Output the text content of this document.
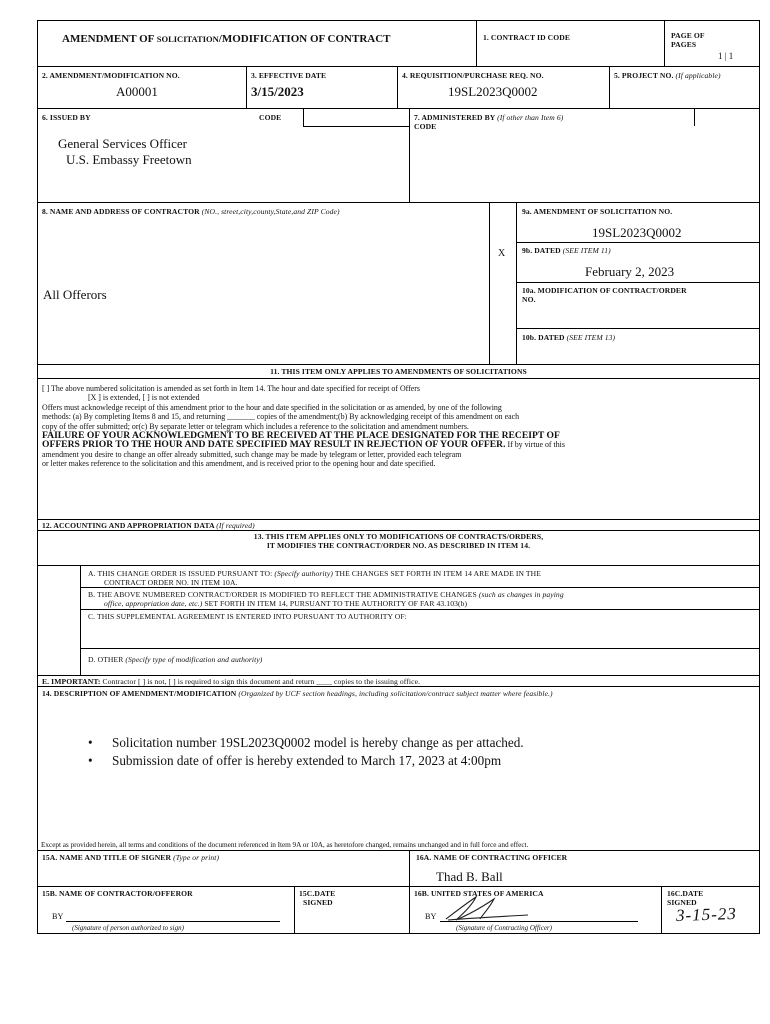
AMENDMENT OF SOLICITATION/MODIFICATION OF CONTRACT	1. CONTRACT ID CODE	PAGE OF
PAGES
1 | 1
2. AMENDMENT/MODIFICATION NO.
A00001
3. EFFECTIVE DATE
3/15/2023
4. REQUISITION/PURCHASE REQ. NO.
19SL2023Q0002
5. PROJECT NO. (If applicable)
6. ISSUED BY	CODE
General Services Officer
U.S. Embassy Freetown
7. ADMINISTERED BY (If other than Item 6)
CODE
8. NAME AND ADDRESS OF CONTRACTOR (NO., street,city,county,State,and ZIP Code)
All Offerors
X
9a. AMENDMENT OF SOLICITATION NO.
19SL2023Q0002
9b. DATED (SEE ITEM 11)
February 2, 2023
10a. MODIFICATION OF CONTRACT/ORDER
NO.
10b. DATED (SEE ITEM 13)
11. THIS ITEM ONLY APPLIES TO AMENDMENTS OF SOLICITATIONS
[ ] The above numbered solicitation is amended as set forth in Item 14. The hour and date specified for receipt of Offers
[X ] is extended, [ ] is not extended
Offers must acknowledge receipt of this amendment prior to the hour and date specified in the solicitation or as amended, by one of the following
methods: (a) By completing Items 8 and 15, and returning _______ copies of the amendment;(b) By acknowledging receipt of this amendment on each
copy of the offer submitted; or(c) By separate letter or telegram which includes a reference to the solicitation and amendment numbers.
FAILURE OF YOUR ACKNOWLEDGMENT TO BE RECEIVED AT THE PLACE DESIGNATED FOR THE RECEIPT OF
OFFERS PRIOR TO THE HOUR AND DATE SPECIFIED MAY RESULT IN REJECTION OF YOUR OFFER. If by virtue of this
amendment you desire to change an offer already submitted, such change may be made by telegram or letter, provided each telegram
or letter makes reference to the solicitation and this amendment, and is received prior to the opening hour and date specified.
12. ACCOUNTING AND APPROPRIATION DATA (If required)
13. THIS ITEM APPLIES ONLY TO MODIFICATIONS OF CONTRACTS/ORDERS,
IT MODIFIES THE CONTRACT/ORDER NO. AS DESCRIBED IN ITEM 14.
A. THIS CHANGE ORDER IS ISSUED PURSUANT TO: (Specify authority) THE CHANGES SET FORTH IN ITEM 14 ARE MADE IN THE
CONTRACT ORDER NO. IN ITEM 10A.
B. THE ABOVE NUMBERED CONTRACT/ORDER IS MODIFIED TO REFLECT THE ADMINISTRATIVE CHANGES (such as changes in paying
office, appropriation date, etc.) SET FORTH IN ITEM 14, PURSUANT TO THE AUTHORITY OF FAR 43.103(b)
C. THIS SUPPLEMENTAL AGREEMENT IS ENTERED INTO PURSUANT TO AUTHORITY OF:
D. OTHER (Specify type of modification and authority)
E. IMPORTANT: Contractor [ ] is not, [ ] is required to sign this document and return ____ copies to the issuing office.
14. DESCRIPTION OF AMENDMENT/MODIFICATION (Organized by UCF section headings, including solicitation/contract subject matter where feasible.)
• Solicitation number 19SL2023Q0002 model is hereby change as per attached.
• Submission date of offer is hereby extended to March 17, 2023 at 4:00pm
Except as provided herein, all terms and conditions of the document referenced in Item 9A or 10A, as heretofore changed, remains unchanged and in full force and effect.
15A. NAME AND TITLE OF SIGNER (Type or print)	16A. NAME OF CONTRACTING OFFICER
Thad B. Ball
15B. NAME OF CONTRACTOR/OFFEROR	15C.DATE
SIGNED
16B. UNITED STATES OF AMERICA	16C.DATE
SIGNED
BY
(Signature of person authorized to sign)
BY
(Signature of Contracting Officer)
3-15-23
